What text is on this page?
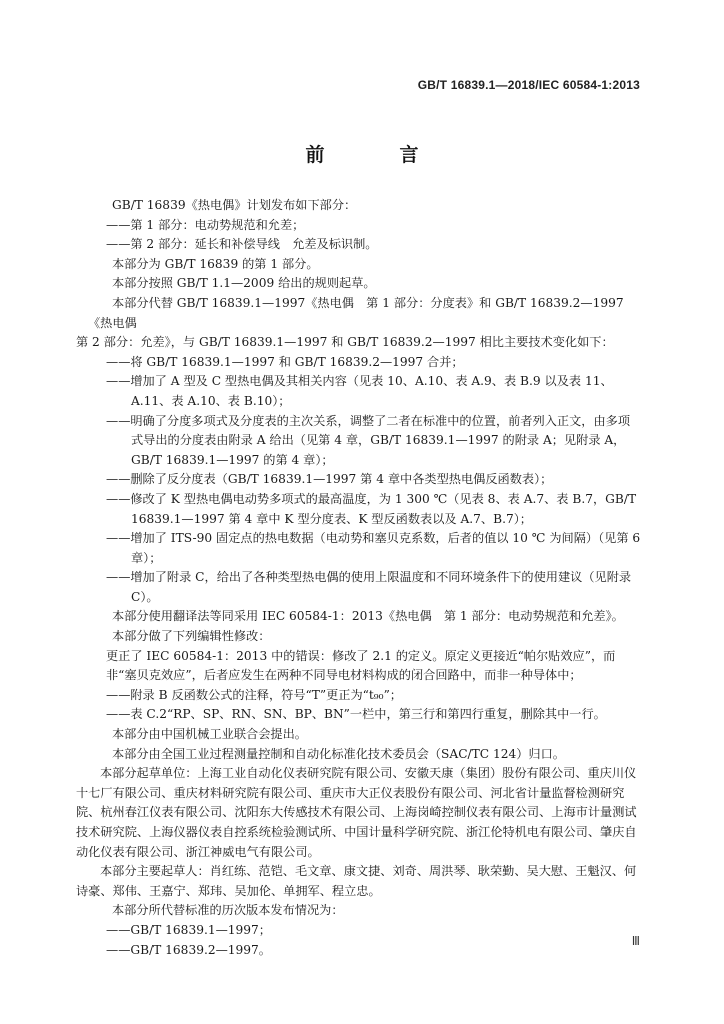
GB/T 16839.1—2018/IEC 60584-1:2013
前　言

GB/T 16839《热电偶》计划发布如下部分：

——第 1 部分：电动势规范和允差；

——第 2 部分：延长和补偿导线　允差及标识制。

本部分为 GB/T 16839 的第 1 部分。

本部分按照 GB/T 1.1—2009 给出的规则起草。

本部分代替 GB/T 16839.1—1997《热电偶　第 1 部分：分度表》和 GB/T 16839.2—1997《热电偶

第 2 部分：允差》，与 GB/T 16839.1—1997 和 GB/T 16839.2—1997 相比主要技术变化如下：

——将 GB/T 16839.1—1997 和 GB/T 16839.2—1997 合并；

——增加了 A 型及 C 型热电偶及其相关内容（见表 10、A.10、表 A.9、表 B.9 以及表 11、A.11、表 A.10、表 B.10）；

——明确了分度多项式及分度表的主次关系，调整了二者在标准中的位置，前者列入正文，由多项式导出的分度表由附录 A 给出（见第 4 章，GB/T 16839.1—1997 的附录 A；见附录 A，GB/T 16839.1—1997 的第 4 章）；

——删除了反分度表（GB/T 16839.1—1997 第 4 章中各类型热电偶反函数表）；

——修改了 K 型热电偶电动势多项式的最高温度，为 1 300 ℃（见表 8、表 A.7、表 B.7，GB/T 16839.1—1997 第 4 章中 K 型分度表、K 型反函数表以及 A.7、B.7）；

——增加了 ITS-90 固定点的热电数据（电动势和塞贝克系数，后者的值以 10 ℃ 为间隔）（见第 6 章）；

——增加了附录 C，给出了各种类型热电偶的使用上限温度和不同环境条件下的使用建议（见附录 C）。

本部分使用翻译法等同采用 IEC 60584-1：2013《热电偶　第 1 部分：电动势规范和允差》。

本部分做了下列编辑性修改：

更正了 IEC 60584-1：2013 中的错误：修改了 2.1 的定义。原定义更接近“帕尔贴效应”，而非“塞贝克效应”，后者应发生在两种不同导电材料构成的闭合回路中，而非一种导体中；

——附录 B 反函数公式的注释，符号“T”更正为“t₉₀”；

——表 C.2“RP、SP、RN、SN、BP、BN”一栏中，第三行和第四行重复，删除其中一行。

本部分由中国机械工业联合会提出。

本部分由全国工业过程测量控制和自动化标准化技术委员会（SAC/TC 124）归口。

本部分起草单位：上海工业自动化仪表研究院有限公司、安徽天康（集团）股份有限公司、重庆川仪十七厂有限公司、重庆材料研究院有限公司、重庆市大正仪表股份有限公司、河北省计量监督检测研究院、杭州春江仪表有限公司、沈阳东大传感技术有限公司、上海岗崎控制仪表有限公司、上海市计量测试技术研究院、上海仪器仪表自控系统检验测试所、中国计量科学研究院、浙江伦特机电有限公司、肇庆自动化仪表有限公司、浙江神威电气有限公司。

本部分主要起草人：肖红练、范铠、毛文章、康文捷、刘奇、周洪琴、耿荣勤、吴大慰、王魁汉、何诗豪、郑伟、王嘉宁、郑玮、吴加伦、单拥军、程立忠。

本部分所代替标准的历次版本发布情况为：

——GB/T 16839.1—1997；

——GB/T 16839.2—1997。

Ⅲ
